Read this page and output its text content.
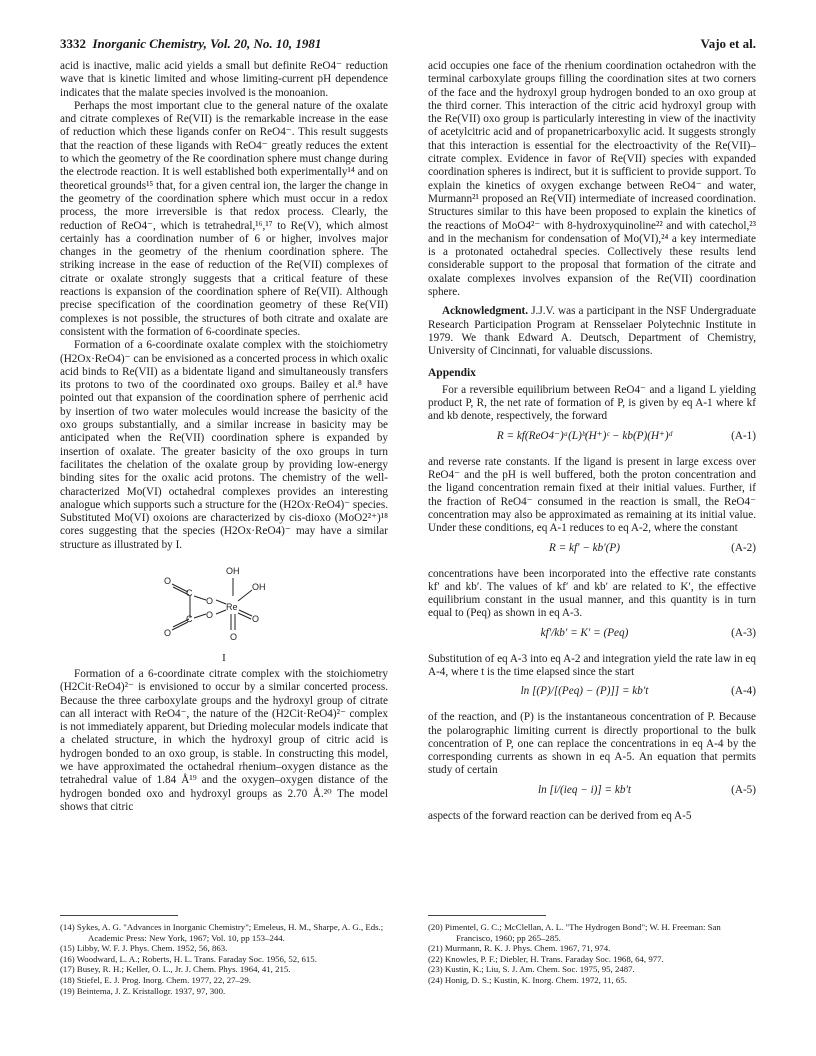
3332 Inorganic Chemistry, Vol. 20, No. 10, 1981	Vajo et al.

acid is inactive, malic acid yields a small but definite ReO4⁻ reduction wave that is kinetic limited and whose limiting-current pH dependence indicates that the malate species involved is the monoanion.

Perhaps the most important clue to the general nature of the oxalate and citrate complexes of Re(VII) is the remarkable increase in the ease of reduction which these ligands confer on ReO4⁻. This result suggests that the reaction of these ligands with ReO4⁻ greatly reduces the extent to which the geometry of the Re coordination sphere must change during the electrode reaction. It is well established both experimentally¹⁴ and on theoretical grounds¹⁵ that, for a given central ion, the larger the change in the geometry of the coordination sphere which must occur in a redox process, the more irreversible is that redox process. Clearly, the reduction of ReO4⁻, which is tetrahedral,¹⁶,¹⁷ to Re(V), which almost certainly has a coordination number of 6 or higher, involves major changes in the geometry of the rhenium coordination sphere. The striking increase in the ease of reduction of the Re(VII) complexes of citrate or oxalate strongly suggests that a critical feature of these reactions is expansion of the coordination sphere of Re(VII). Although precise specification of the coordination geometry of these Re(VII) complexes is not possible, the structures of both citrate and oxalate are consistent with the formation of 6-coordinate species.

Formation of a 6-coordinate oxalate complex with the stoichiometry (H2Ox·ReO4)⁻ can be envisioned as a concerted process in which oxalic acid binds to Re(VII) as a bidentate ligand and simultaneously transfers its protons to two of the coordinated oxo groups. Bailey et al.⁸ have pointed out that expansion of the coordination sphere of perrhenic acid by insertion of two water molecules would increase the basicity of the oxo groups substantially, and a similar increase in basicity may be anticipated when the Re(VII) coordination sphere is expanded by insertion of oxalate. The greater basicity of the oxo groups in turn facilitates the chelation of the oxalate group by providing low-energy binding sites for the oxalic acid protons. The chemistry of the well-characterized Mo(VI) octahedral complexes provides an interesting analogue which supports such a structure for the (H2Ox·ReO4)⁻ species. Substituted Mo(VI) oxoions are characterized by cis-dioxo (MoO2²⁺)¹⁸ cores suggesting that the species (H2Ox·ReO4)⁻ may have a similar structure as illustrated by I.

O
C
O
Re
C O
O
OH
OH
O
O
I

Formation of a 6-coordinate citrate complex with the stoichiometry (H2Cit·ReO4)²⁻ is envisioned to occur by a similar concerted process. Because the three carboxylate groups and the hydroxyl group of citrate can all interact with ReO4⁻, the nature of the (H2Cit·ReO4)²⁻ complex is not immediately apparent, but Drieding molecular models indicate that a chelated structure, in which the hydroxyl group of citric acid is hydrogen bonded to an oxo group, is stable. In constructing this model, we have approximated the octahedral rhenium–oxygen distance as the tetrahedral value of 1.84 Å¹⁹ and the oxygen–oxygen distance of the hydrogen bonded oxo and hydroxyl groups as 2.70 Å.²⁰ The model shows that citric

acid occupies one face of the rhenium coordination octahedron with the terminal carboxylate groups filling the coordination sites at two corners of the face and the hydroxyl group hydrogen bonded to an oxo group at the third corner. This interaction of the citric acid hydroxyl group with the Re(VII) oxo group is particularly interesting in view of the inactivity of acetylcitric acid and of propanetricarboxylic acid. It suggests strongly that this interaction is essential for the electroactivity of the Re(VII)–citrate complex. Evidence in favor of Re(VII) species with expanded coordination spheres is indirect, but it is sufficient to provide support. To explain the kinetics of oxygen exchange between ReO4⁻ and water, Murmann²¹ proposed an Re(VII) intermediate of increased coordination. Structures similar to this have been proposed to explain the kinetics of the reactions of MoO4²⁻ with 8-hydroxyquinoline²² and with catechol,²³ and in the mechanism for condensation of Mo(VI),²⁴ a key intermediate is a protonated octahedral species. Collectively these results lend considerable support to the proposal that formation of the citrate and oxalate complexes involves expansion of the Re(VII) coordination sphere.

Acknowledgment. J.J.V. was a participant in the NSF Undergraduate Research Participation Program at Rensselaer Polytechnic Institute in 1979. We thank Edward A. Deutsch, Department of Chemistry, University of Cincinnati, for valuable discussions.

Appendix

For a reversible equilibrium between ReO4⁻ and a ligand L yielding product P, R, the net rate of formation of P, is given by eq A-1 where kf and kb denote, respectively, the forward

R = kf(ReO4⁻)ᵃ(L)ᵇ(H⁺)ᶜ − kb(P)(H⁺)ᵈ	(A-1)

and reverse rate constants. If the ligand is present in large excess over ReO4⁻ and the pH is well buffered, both the proton concentration and the ligand concentration remain fixed at their initial values. Further, if the fraction of ReO4⁻ consumed in the reaction is small, the ReO4⁻ concentration may also be approximated as remaining at its initial value. Under these conditions, eq A-1 reduces to eq A-2, where the constant

R = kf′ − kb′(P)	(A-2)

concentrations have been incorporated into the effective rate constants kf′ and kb′. The values of kf′ and kb′ are related to K′, the effective equilibrium constant in the usual manner, and this quantity is in turn equal to (Peq) as shown in eq A-3.

kf′/kb′ = K′ = (Peq)	(A-3)

Substitution of eq A-3 into eq A-2 and integration yield the rate law in eq A-4, where t is the time elapsed since the start

ln [(P)/[(Peq) − (P)]] = kb′t	(A-4)

of the reaction, and (P) is the instantaneous concentration of P. Because the polarographic limiting current is directly proportional to the bulk concentration of P, one can replace the concentrations in eq A-4 by the corresponding currents as shown in eq A-5. An equation that permits study of certain

ln [i/(ieq − i)] = kb′t	(A-5)

aspects of the forward reaction can be derived from eq A-5

(14) Sykes, A. G. "Advances in Inorganic Chemistry"; Emeleus, H. M., Sharpe, A. G., Eds.; Academic Press: New York, 1967; Vol. 10, pp 153–244.
(15) Libby, W. F. J. Phys. Chem. 1952, 56, 863.
(16) Woodward, L. A.; Roberts, H. L. Trans. Faraday Soc. 1956, 52, 615.
(17) Busey, R. H.; Keller, O. L., Jr. J. Chem. Phys. 1964, 41, 215.
(18) Stiefel, E. J. Prog. Inorg. Chem. 1977, 22, 27–29.
(19) Beintema, J. Z. Kristallogr. 1937, 97, 300.
(20) Pimentel, G. C.; McClellan, A. L. "The Hydrogen Bond"; W. H. Freeman: San Francisco, 1960; pp 265–285.
(21) Murmann, R. K. J. Phys. Chem. 1967, 71, 974.
(22) Knowles, P. F.; Diebler, H. Trans. Faraday Soc. 1968, 64, 977.
(23) Kustin, K.; Liu, S. J. Am. Chem. Soc. 1975, 95, 2487.
(24) Honig, D. S.; Kustin, K. Inorg. Chem. 1972, 11, 65.
